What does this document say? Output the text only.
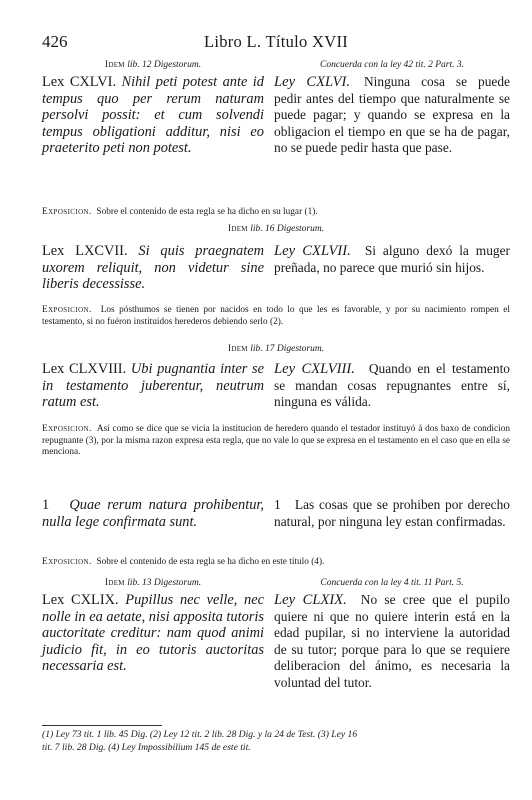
426	Libro L. Título XVII
Idem lib. 12 Digestorum.
Lex CXLVI. Nihil peti potest ante id tempus quo per rerum naturam persolvi possit: et cum solvendi tempus obligationi additur, nisi eo praeterito peti non potest.
Concuerda con la ley 42 tit. 2 Part. 3.
Ley CXLVI. Ninguna cosa se puede pedir antes del tiempo que naturalmente se puede pagar; y quando se expresa en la obligacion el tiempo en que se ha de pagar, no se puede pedir hasta que pase.
Exposicion. Sobre el contenido de esta regla se ha dicho en su lugar (1).
Idem lib. 16 Digestorum.
Lex LXCVII. Si quis praegnatem uxorem reliquit, non videtur sine liberis decessisse.
Ley CXLVII. Si alguno dexó la muger preñada, no parece que murió sin hijos.
Exposicion. Los pósthumos se tienen por nacidos en todo lo que les es favorable, y por su nacimiento rompen el testamento, si no fuéron instituidos herederos debiendo serlo (2).
Idem lib. 17 Digestorum.
Lex CLXVIII. Ubi pugnantia inter se in testamento juberentur, neutrum ratum est.
Ley CXLVIII. Quando en el testamento se mandan cosas repugnantes entre sí, ninguna es válida.
Exposicion. Así como se dice que se vicia la institucion de heredero quando el testador instituyó á dos baxo de condicion repugnante (3), por la misma razon expresa esta regla, que no vale lo que se expresa en el testamento en el caso que en ella se menciona.
1 Quae rerum natura prohibentur, nulla lege confirmata sunt.
1 Las cosas que se prohiben por derecho natural, por ninguna ley estan confirmadas.
Exposicion. Sobre el contenido de esta regla se ha dicho en este título (4).
Idem lib. 13 Digestorum.
Lex CXLIX. Pupillus nec velle, nec nolle in ea aetate, nisi apposita tutoris auctoritate creditur: nam quod animi judicio fit, in eo tutoris auctoritas necessaria est.
Concuerda con la ley 4 tit. 11 Part. 5.
Ley CLXIX. No se cree que el pupilo quiere ni que no quiere interin está en la edad pupilar, si no interviene la autoridad de su tutor; porque para lo que se requiere deliberacion del ánimo, es necesaria la voluntad del tutor.
(1) Ley 73 tit. 1 lib. 45 Dig. (2) Ley 12 tit. 2 lib. 28 Dig. y la 24 de Test. (3) Ley 16
tit. 7 lib. 28 Dig. (4) Ley Impossibilium 145 de este tit.
